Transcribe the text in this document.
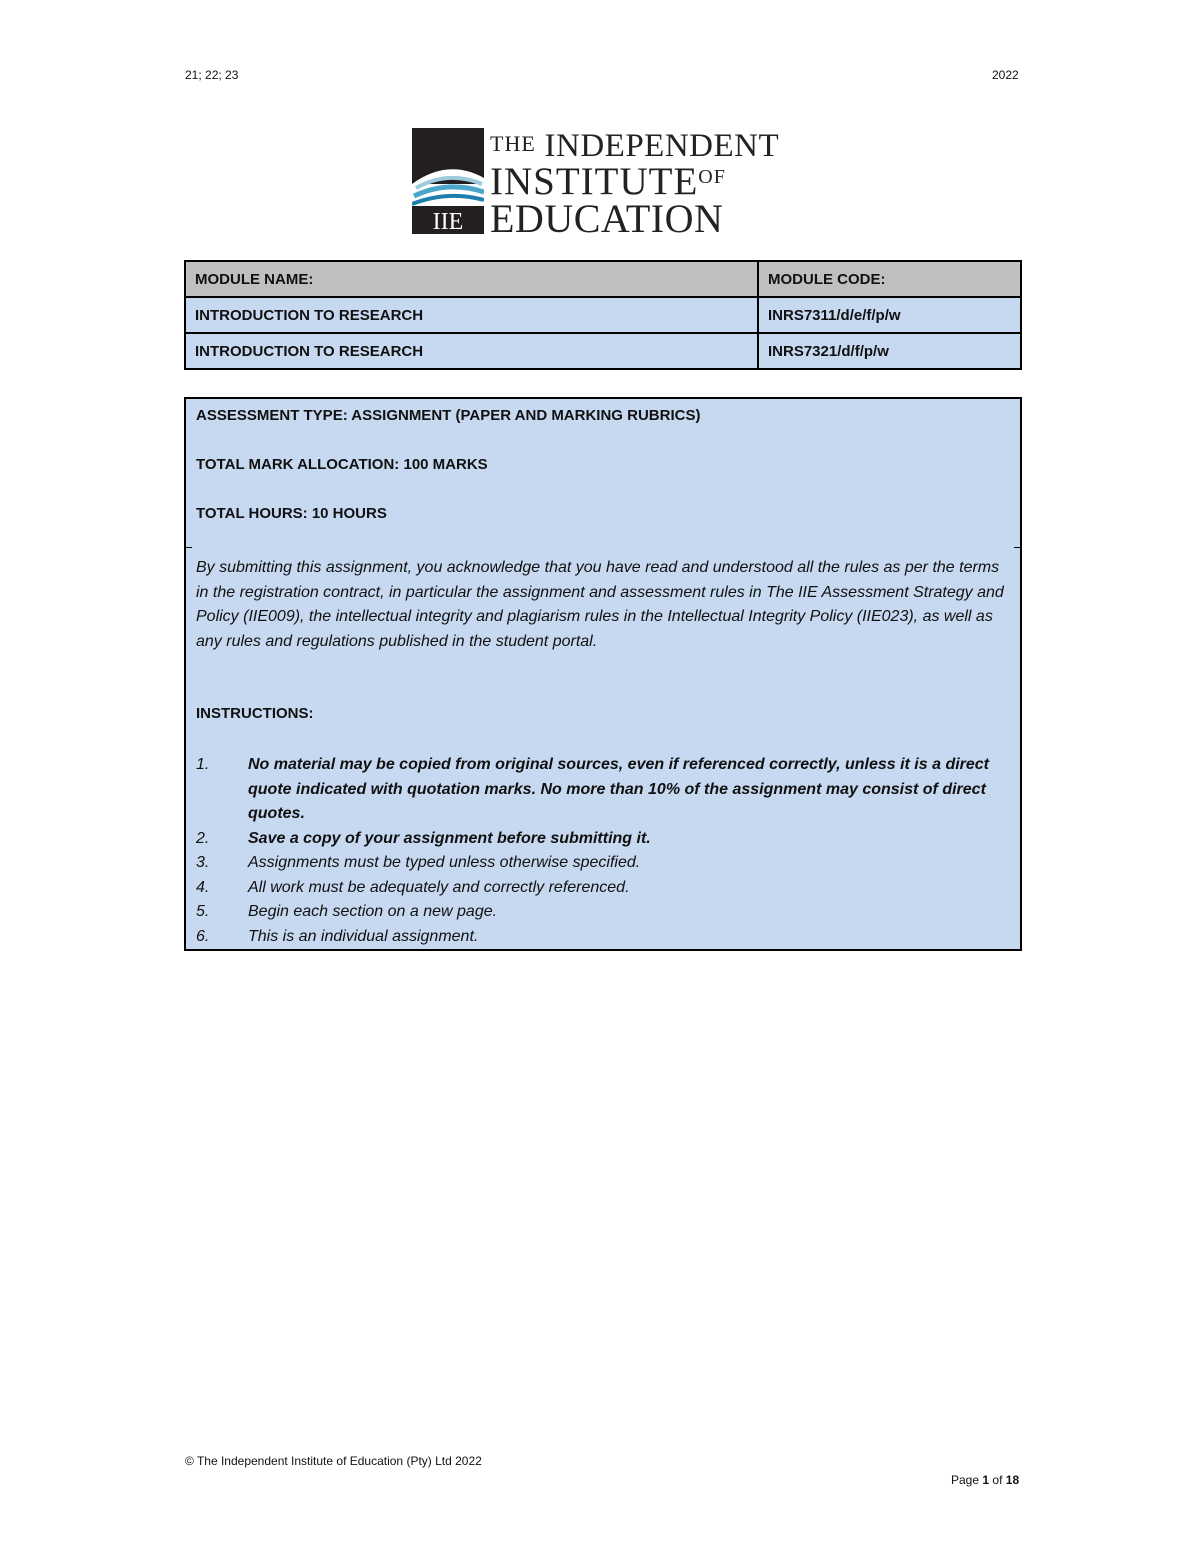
21; 22; 23	2022
IIE
THE INDEPENDENT
$INSTITUTE^{OF}$
EDUCATION
MODULE NAME:	MODULE CODE:
INTRODUCTION TO RESEARCH	INRS7311/d/e/f/p/w
INTRODUCTION TO RESEARCH	INRS7321/d/f/p/w
ASSESSMENT TYPE: ASSIGNMENT (PAPER AND MARKING RUBRICS)
TOTAL MARK ALLOCATION: 100 MARKS
TOTAL HOURS: 10 HOURS
By submitting this assignment, you acknowledge that you have read and understood all the rules as per the terms in the registration contract, in particular the assignment and assessment rules in The IIE Assessment Strategy and Policy (IIE009), the intellectual integrity and plagiarism rules in the Intellectual Integrity Policy (IIE023), as well as any rules and regulations published in the student portal.
INSTRUCTIONS:
1. No material may be copied from original sources, even if referenced correctly, unless it is a direct quote indicated with quotation marks. No more than 10% of the assignment may consist of direct quotes.
2. Save a copy of your assignment before submitting it.
3. Assignments must be typed unless otherwise specified.
4. All work must be adequately and correctly referenced.
5. Begin each section on a new page.
6. This is an individual assignment.
© The Independent Institute of Education (Pty) Ltd 2022
Page 1 of 18
